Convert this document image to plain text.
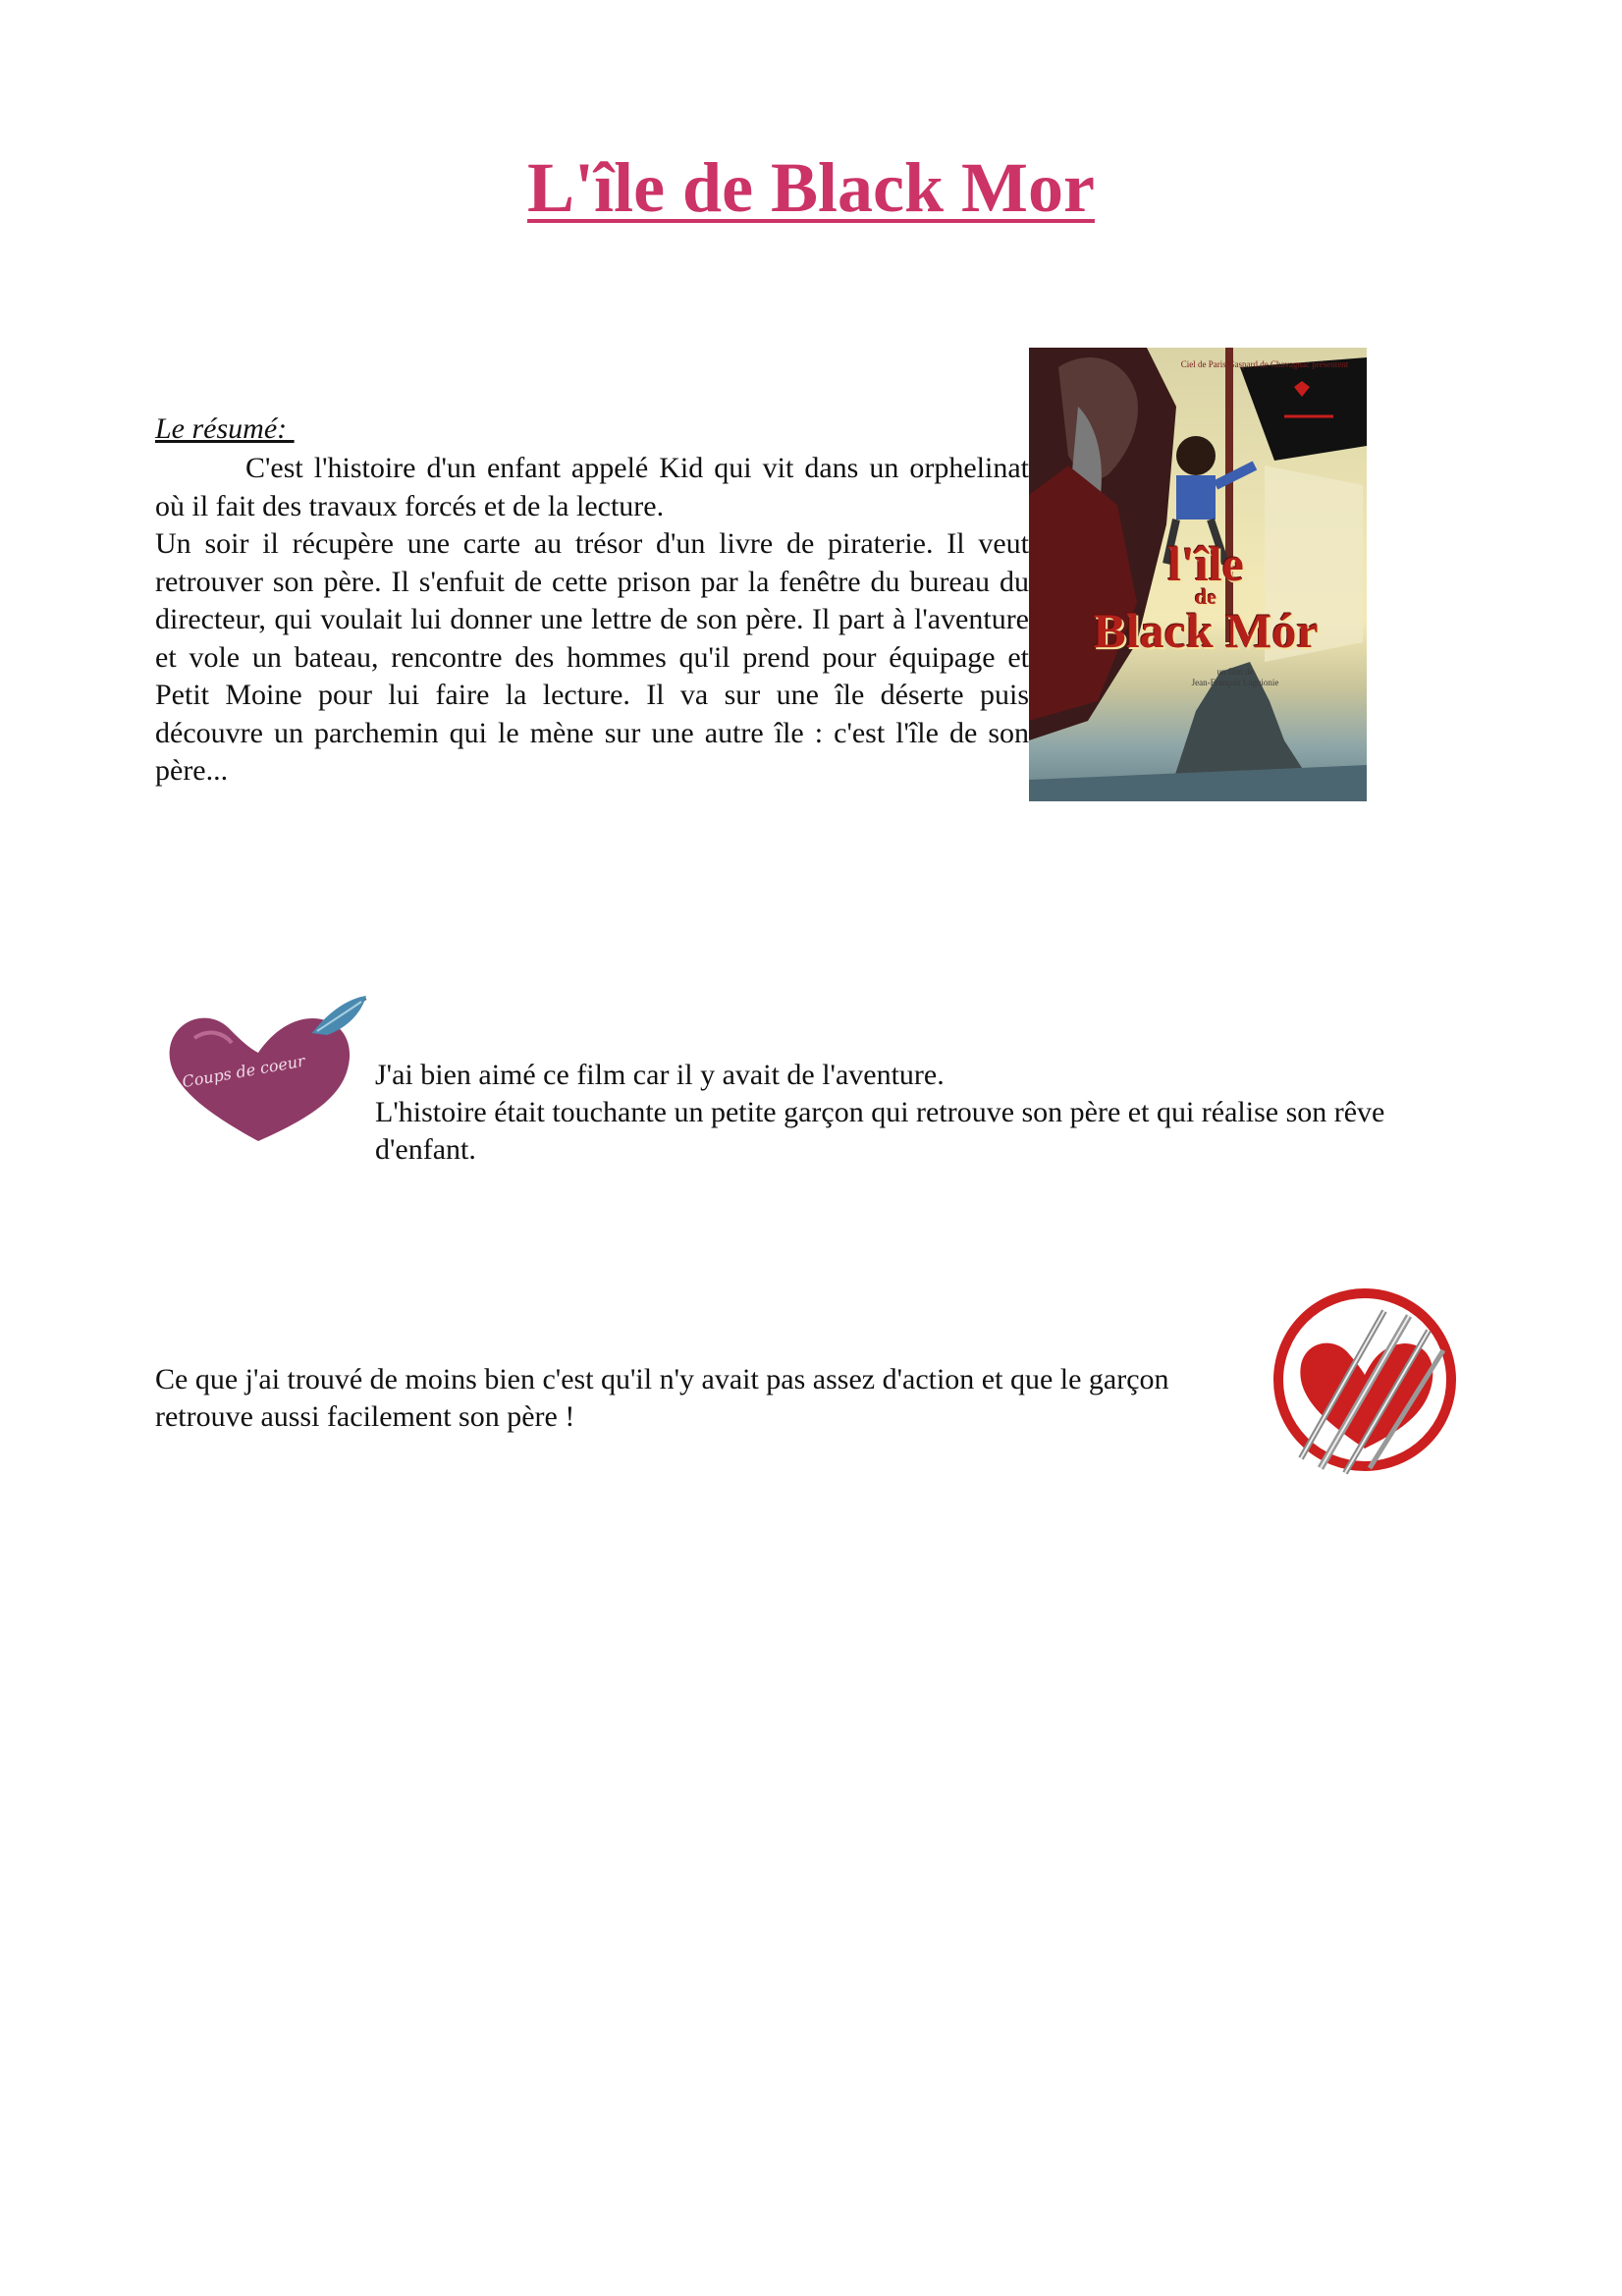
L'île de Black Mor
Le résumé:

C'est l'histoire d'un enfant appelé Kid qui vit dans un orphelinat où il fait des travaux forcés et de la lecture.

Un soir il récupère une carte au trésor d'un livre de piraterie. Il veut retrouver son père. Il s'enfuit de cette prison par la fenêtre du bureau du directeur, qui voulait lui donner une lettre de son père. Il part à l'aventure et vole un bateau, rencontre des hommes qu'il prend pour équipage et Petit Moine pour lui faire la lecture. Il va sur une île déserte puis découvre un parchemin qui le mène sur une autre île : c'est l'île de son père...

Ciel de Paris Gaspard de Chavagnac présentent
l'île
de
Black Mór
un film de
Jean-François Laguionie
Coups de coeur J'ai bien aimé ce film car il y avait de l'aventure.

L'histoire était touchante un petite garçon qui retrouve son père et qui réalise son rêve d'enfant.

Ce que j'ai trouvé de moins bien c'est qu'il n'y avait pas assez d'action et que le garçon retrouve aussi facilement son père !
